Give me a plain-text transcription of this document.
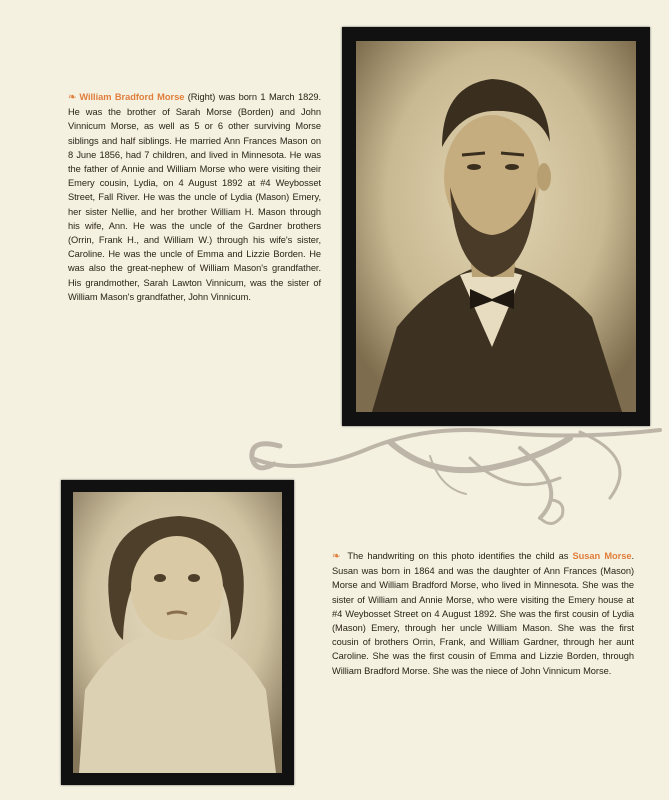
❧ William Bradford Morse (Right) was born 1 March 1829. He was the brother of Sarah Morse (Borden) and John Vinnicum Morse, as well as 5 or 6 other surviving Morse siblings and half siblings. He married Ann Frances Mason on 8 June 1856, had 7 children, and lived in Minnesota. He was the father of Annie and William Morse who were visiting their Emery cousin, Lydia, on 4 August 1892 at #4 Weybosset Street, Fall River. He was the uncle of Lydia (Mason) Emery, her sister Nellie, and her brother William H. Mason through his wife, Ann. He was the uncle of the Gardner brothers (Orrin, Frank H., and William W.) through his wife's sister, Caroline. He was the uncle of Emma and Lizzie Borden. He was also the great-nephew of William Mason's grandfather. His grandmother, Sarah Lawton Vinnicum, was the sister of William Mason's grandfather, John Vinnicum.
❧ The handwriting on this photo identifies the child as Susan Morse. Susan was born in 1864 and was the daughter of Ann Frances (Mason) Morse and William Bradford Morse, who lived in Minnesota. She was the sister of William and Annie Morse, who were visiting the Emery house at #4 Weybosset Street on 4 August 1892. She was the first cousin of Lydia (Mason) Emery, through her uncle William Mason. She was the first cousin of brothers Orrin, Frank, and William Gardner, through her aunt Caroline. She was the first cousin of Emma and Lizzie Borden, through William Bradford Morse. She was the niece of John Vinnicum Morse.
